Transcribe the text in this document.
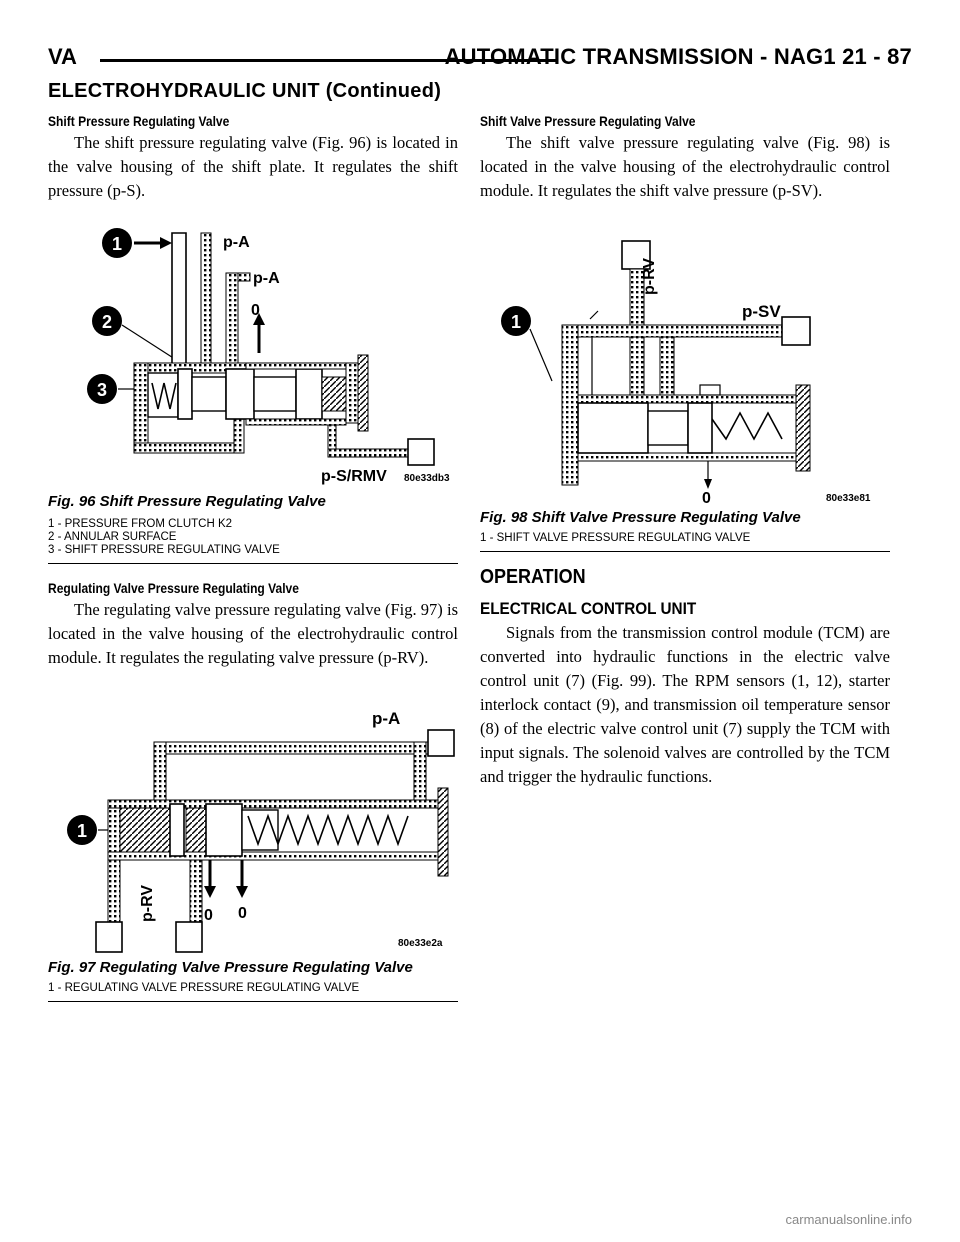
VA	AUTOMATIC TRANSMISSION - NAG1 21 - 87
ELECTROHYDRAULIC UNIT (Continued)
Shift Pressure Regulating Valve

The shift pressure regulating valve (Fig. 96) is located in the valve housing of the shift plate. It regulates the shift pressure (p-S).

1
2
3
p-A
p-A
0
p-S/RMV 80e33db3
Fig. 96 Shift Pressure Regulating Valve
1 - PRESSURE FROM CLUTCH K2
2 - ANNULAR SURFACE
3 - SHIFT PRESSURE REGULATING VALVE
Regulating Valve Pressure Regulating Valve

The regulating valve pressure regulating valve (Fig. 97) is located in the valve housing of the electrohydraulic control module. It regulates the regulating valve pressure (p-RV).

1
p-A
p-RV	0 0
80e33e2a
Fig. 97 Regulating Valve Pressure Regulating Valve
1 - REGULATING VALVE PRESSURE REGULATING VALVE
Shift Valve Pressure Regulating Valve

The shift valve pressure regulating valve (Fig. 98) is located in the valve housing of the electrohydraulic control module. It regulates the shift valve pressure (p-SV).

1
p-RV
p-SV
0	80e33e81
Fig. 98 Shift Valve Pressure Regulating Valve
1 - SHIFT VALVE PRESSURE REGULATING VALVE
OPERATION
ELECTRICAL CONTROL UNIT

Signals from the transmission control module (TCM) are converted into hydraulic functions in the electric valve control unit (7) (Fig. 99). The RPM sensors (1, 12), starter interlock contact (9), and transmission oil temperature sensor (8) of the electric valve control unit (7) supply the TCM with input signals. The solenoid valves are controlled by the TCM and trigger the hydraulic functions.

carmanualsonline.info
